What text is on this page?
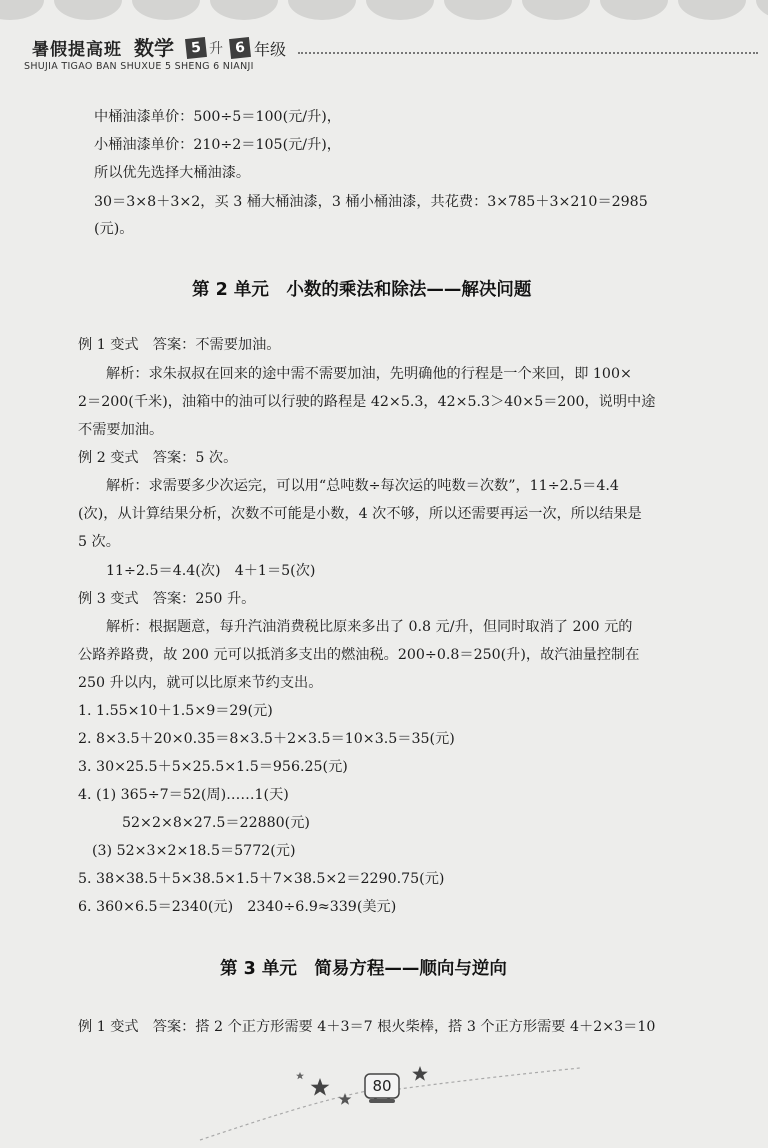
暑假提高班 数学	5 升 6 年级
SHUJIA TIGAO BAN SHUXUE 5 SHENG 6 NIANJI
中桶油漆单价：500÷5＝100(元/升)，
小桶油漆单价：210÷2＝105(元/升)，
所以优先选择大桶油漆。
30＝3×8＋3×2，买 3 桶大桶油漆，3 桶小桶油漆，共花费：3×785＋3×210＝2985
(元)。
第 2 单元　小数的乘法和除法——解决问题
例 1 变式　答案：不需要加油。
解析：求朱叔叔在回来的途中需不需要加油，先明确他的行程是一个来回，即 100×
2＝200(千米)，油箱中的油可以行驶的路程是 42×5.3，42×5.3＞40×5＝200，说明中途
不需要加油。
例 2 变式　答案：5 次。
解析：求需要多少次运完，可以用“总吨数÷每次运的吨数＝次数”，11÷2.5＝4.4
(次)，从计算结果分析，次数不可能是小数，4 次不够，所以还需要再运一次，所以结果是
5 次。
11÷2.5＝4.4(次)　4＋1＝5(次)
例 3 变式　答案：250 升。
解析：根据题意，每升汽油消费税比原来多出了 0.8 元/升，但同时取消了 200 元的
公路养路费，故 200 元可以抵消多支出的燃油税。200÷0.8＝250(升)，故汽油量控制在
250 升以内，就可以比原来节约支出。
1. 1.55×10＋1.5×9＝29(元)
2. 8×3.5＋20×0.35＝8×3.5＋2×3.5＝10×3.5＝35(元)
3. 30×25.5＋5×25.5×1.5＝956.25(元)
4. (1) 365÷7＝52(周)……1(天)
52×2×8×27.5＝22880(元)
(3) 52×3×2×18.5＝5772(元)
5. 38×38.5＋5×38.5×1.5＋7×38.5×2＝2290.75(元)
6. 360×6.5＝2340(元)　2340÷6.9≈339(美元)
第 3 单元　简易方程——顺向与逆向
例 1 变式　答案：搭 2 个正方形需要 4＋3＝7 根火柴棒，搭 3 个正方形需要 4＋2×3＝10
80
